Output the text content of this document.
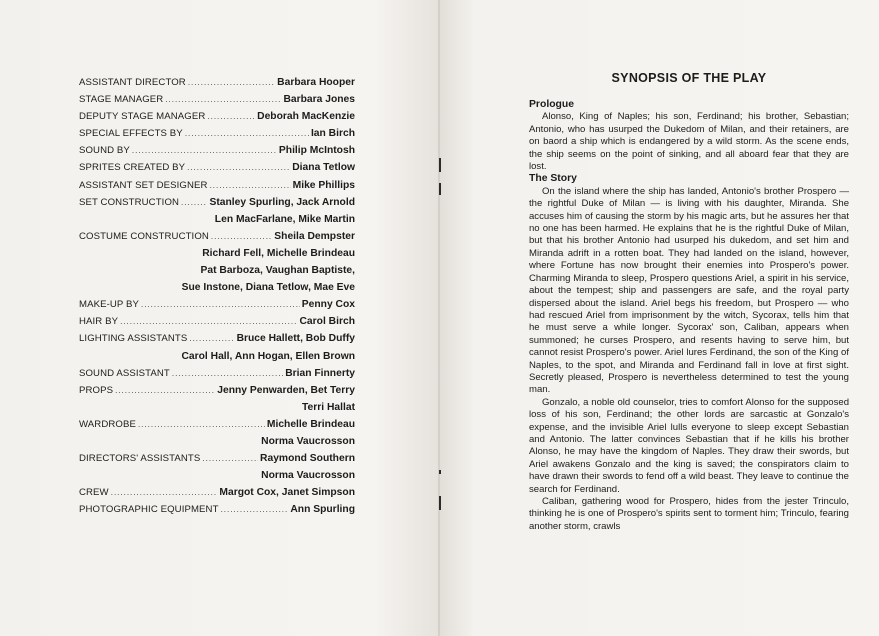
ASSISTANT DIRECTOR .....	Barbara Hooper
STAGE MANAGER .....	Barbara Jones
DEPUTY STAGE MANAGER .....	Deborah MacKenzie
SPECIAL EFFECTS BY .....	Ian Birch
SOUND BY .....	Philip McIntosh
SPRITES CREATED BY .....	Diana Tetlow
ASSISTANT SET DESIGNER .....	Mike Phillips
SET CONSTRUCTION .....	Stanley Spurling, Jack Arnold
Len MacFarlane, Mike Martin
COSTUME CONSTRUCTION .....	Sheila Dempster
Richard Fell, Michelle Brindeau
Pat Barboza, Vaughan Baptiste,
Sue Instone, Diana Tetlow, Mae Eve
MAKE-UP BY .....	Penny Cox
HAIR BY .....	Carol Birch
LIGHTING ASSISTANTS .....	Bruce Hallett, Bob Duffy
Carol Hall, Ann Hogan, Ellen Brown
SOUND ASSISTANT .....	Brian Finnerty
PROPS .....	Jenny Penwarden, Bet Terry
Terri Hallat
WARDROBE .....	Michelle Brindeau
Norma Vaucrosson
DIRECTORS' ASSISTANTS .....	Raymond Southern
Norma Vaucrosson
CREW .....	Margot Cox, Janet Simpson
PHOTOGRAPHIC EQUIPMENT .....	Ann Spurling
SYNOPSIS OF THE PLAY
Prologue

Alonso, King of Naples; his son, Ferdinand; his brother, Sebastian; Antonio, who has usurped the Dukedom of Milan, and their retainers, are on baord a ship which is endangered by a wild storm. As the scene ends, the ship seems on the point of sinking, and all aboard fear that they are lost.

The Story

On the island where the ship has landed, Antonio's brother Prospero — the rightful Duke of Milan — is living with his daughter, Miranda. She accuses him of causing the storm by his magic arts, but he assures her that no one has been harmed. He explains that he is the rightful Duke of Milan, but that his brother Antonio had usurped his dukedom, and set him and Miranda adrift in a rotten boat. They had landed on the island, however, where Fortune has now brought their enemies into Prospero's power. Charming Miranda to sleep, Prospero questions Ariel, a spirit in his service, about the tempest; ship and passengers are safe, and the royal party dispersed about the island. Ariel begs his freedom, but Prospero — who had rescued Ariel from imprisonment by the witch, Sycorax, tells him that he must serve a while longer. Sycorax' son, Caliban, appears when summoned; he curses Prospero, and resents having to serve him, but cannot resist Prospero's power. Ariel lures Ferdinand, the son of the King of Naples, to the spot, and Miranda and Ferdinand fall in love at first sight. Secretly pleased, Prospero is nevertheless determined to test the young man.

Gonzalo, a noble old counselor, tries to comfort Alonso for the supposed loss of his son, Ferdinand; the other lords are sarcastic at Gonzalo's expense, and the invisible Ariel lulls everyone to sleep except Sebastian and Antonio. The latter convinces Sebastian that if he kills his brother Alonso, he may have the kingdom of Naples. They draw their swords, but Ariel awakens Gonzalo and the king is saved; the conspirators claim to have drawn their swords to fend off a wild beast. They leave to continue the search for Ferdinand.

Caliban, gathering wood for Prospero, hides from the jester Trinculo, thinking he is one of Prospero's spirits sent to torment him; Trinculo, fearing another storm, crawls
